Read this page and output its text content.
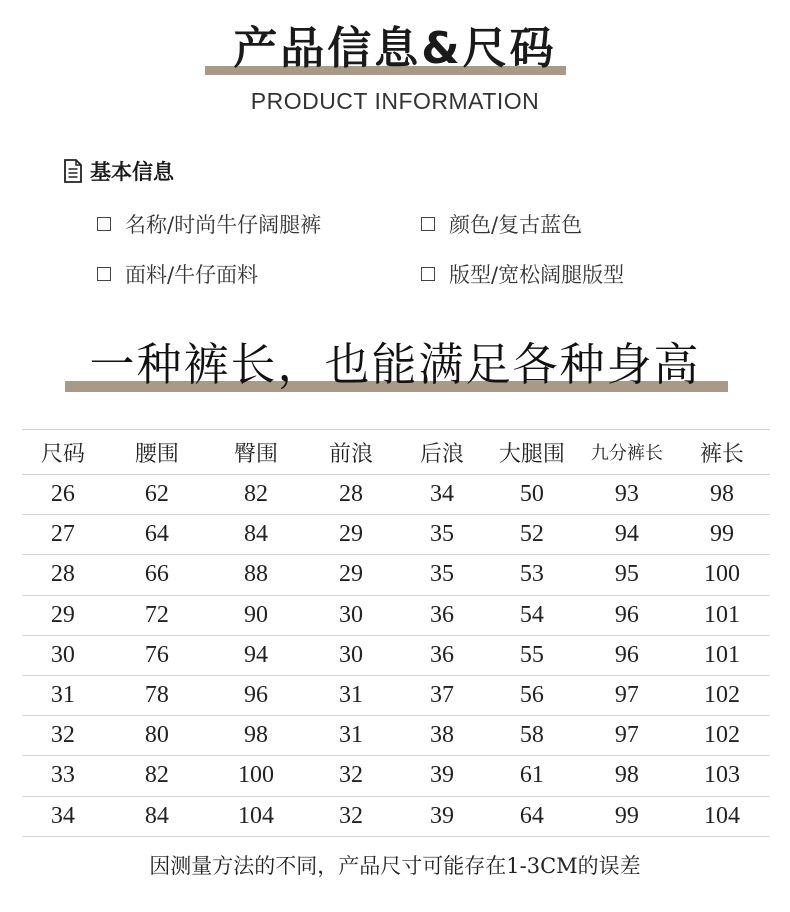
产品信息&尺码
PRODUCT INFORMATION
基本信息
名称/时尚牛仔阔腿裤	颜色/复古蓝色
面料/牛仔面料	版型/宽松阔腿版型
一种裤长，也能满足各种身高
尺码	腰围	臀围	前浪	后浪	大腿围	九分裤长	裤长
26	62	82	28	34	50	93	98
27	64	84	29	35	52	94	99
28	66	88	29	35	53	95	100
29	72	90	30	36	54	96	101
30	76	94	30	36	55	96	101
31	78	96	31	37	56	97	102
32	80	98	31	38	58	97	102
33	82	100	32	39	61	98	103
34	84	104	32	39	64	99	104
因测量方法的不同，产品尺寸可能存在1-3CM的误差
